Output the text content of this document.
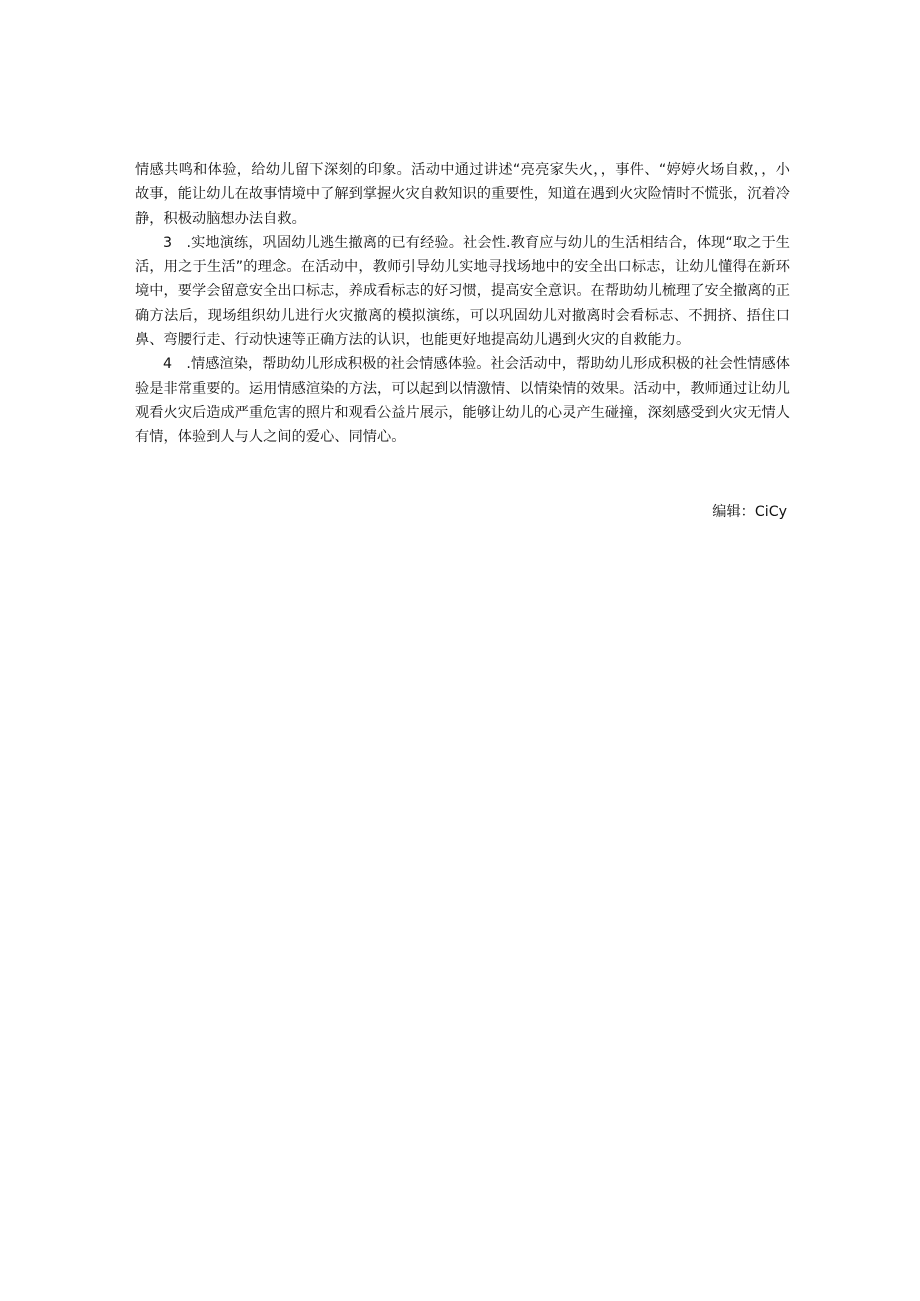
情感共鸣和体验，给幼儿留下深刻的印象。活动中通过讲述“亮亮家失火，，事件、“婷婷火场自救，，小故事，能让幼儿在故事情境中了解到掌握火灾自救知识的重要性，知道在遇到火灾险情时不慌张，沉着冷静，积极动脑想办法自救。

3　.实地演练，巩固幼儿逃生撤离的已有经验。社会性.教育应与幼儿的生活相结合，体现“取之于生活，用之于生活”的理念。在活动中，教师引导幼儿实地寻找场地中的安全出口标志，让幼儿懂得在新环境中，要学会留意安全出口标志，养成看标志的好习惯，提高安全意识。在帮助幼儿梳理了安全撤离的正确方法后，现场组织幼儿进行火灾撤离的模拟演练，可以巩固幼儿对撤离时会看标志、不拥挤、捂住口鼻、弯腰行走、行动快速等正确方法的认识，也能更好地提高幼儿遇到火灾的自救能力。

4　.情感渲染，帮助幼儿形成积极的社会情感体验。社会活动中，帮助幼儿形成积极的社会性情感体验是非常重要的。运用情感渲染的方法，可以起到以情激情、以情染情的效果。活动中，教师通过让幼儿观看火灾后造成严重危害的照片和观看公益片展示，能够让幼儿的心灵产生碰撞，深刻感受到火灾无情人有情，体验到人与人之间的爱心、同情心。

编辑：CiCy
